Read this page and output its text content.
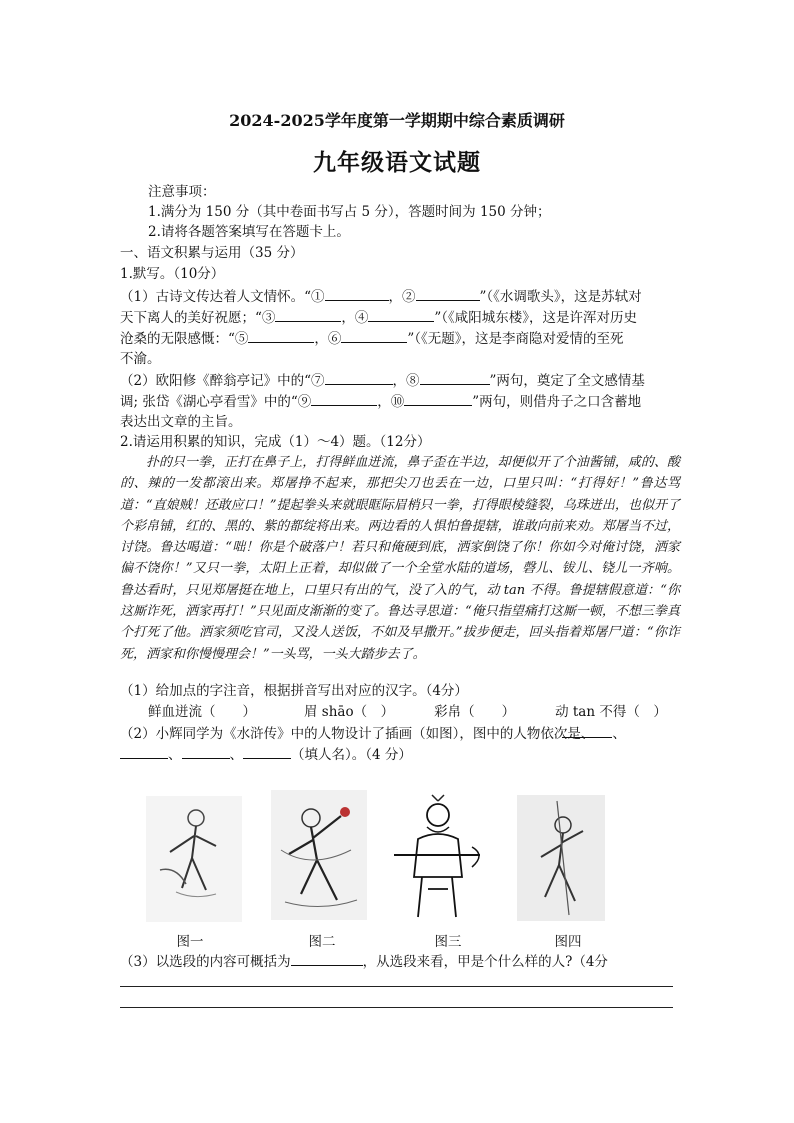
2024-2025学年度第一学期期中综合素质调研
九年级语文试题
注意事项：
1.满分为 150 分（其中卷面书写占 5 分），答题时间为 150 分钟；
2.请将各题答案填写在答题卡上。
一、语文积累与运用（35 分）
1.默写。（10分）
（1）古诗文传达着人文情怀。“①	，②	”（《水调歌头》，这是苏轼对
天下离人的美好祝愿；“③	，④	”（《咸阳城东楼》，这是许浑对历史
沧桑的无限感慨：“⑤	，⑥	”（《无题》，这是李商隐对爱情的至死
不渝。
（2）欧阳修《醉翁亭记》中的“⑦	，⑧	”两句，奠定了全文感情基
调; 张岱《湖心亭看雪》中的“⑨	，⑩	”两句，则借舟子之口含蓄地
表达出文章的主旨。
2.请运用积累的知识，完成（1）～4）题。（12分）

扑的只一拳，正打在鼻子上，打得鲜血迸流，鼻子歪在半边，却便似开了个油酱铺，咸的、酸的、辣的一发都滚出来。郑屠挣不起来，那把尖刀也丢在一边，口里只叫：“打得好！”鲁达骂道：“直娘贼！还敢应口！”提起拳头来就眼眶际眉梢只一拳，打得眼棱缝裂，乌珠迸出，也似开了个彩帛铺，红的、黑的、紫的都绽将出来。两边看的人惧怕鲁提辖，谁敢向前来劝。郑屠当不过，讨饶。鲁达喝道：“咄！你是个破落户！若只和俺硬到底，洒家倒饶了你！你如今对俺讨饶，洒家偏不饶你！”又只一拳，太阳上正着，却似做了一个全堂水陆的道场，磬儿、钹儿、铙儿一齐响。鲁达看时，只见郑屠挺在地上，口里只有出的气，没了入的气，动 tan 不得。鲁提辖假意道：“你这厮诈死，洒家再打！”只见面皮渐渐的变了。鲁达寻思道：“俺只指望痛打这厮一顿，不想三拳真个打死了他。洒家须吃官司，又没人送饭，不如及早撒开。”拔步便走，回头指着郑屠尸道：“你诈死，洒家和你慢慢理会！”一头骂，一头大踏步去了。

（1）给加点的字注音，根据拼音写出对应的汉字。（4分）
鲜血迸流（　　）	眉 shāo（　）	彩帛（　　）	动 tan 不得（　）
（2）小辉同学为《水浒传》中的人物设计了插画（如图），图中的人物依次是、 、
、	、	（填人名）。（4 分）
图一	图二	图三	图四
（3）以选段的内容可概括为	，从选段来看，甲是个什么样的人?（4分
